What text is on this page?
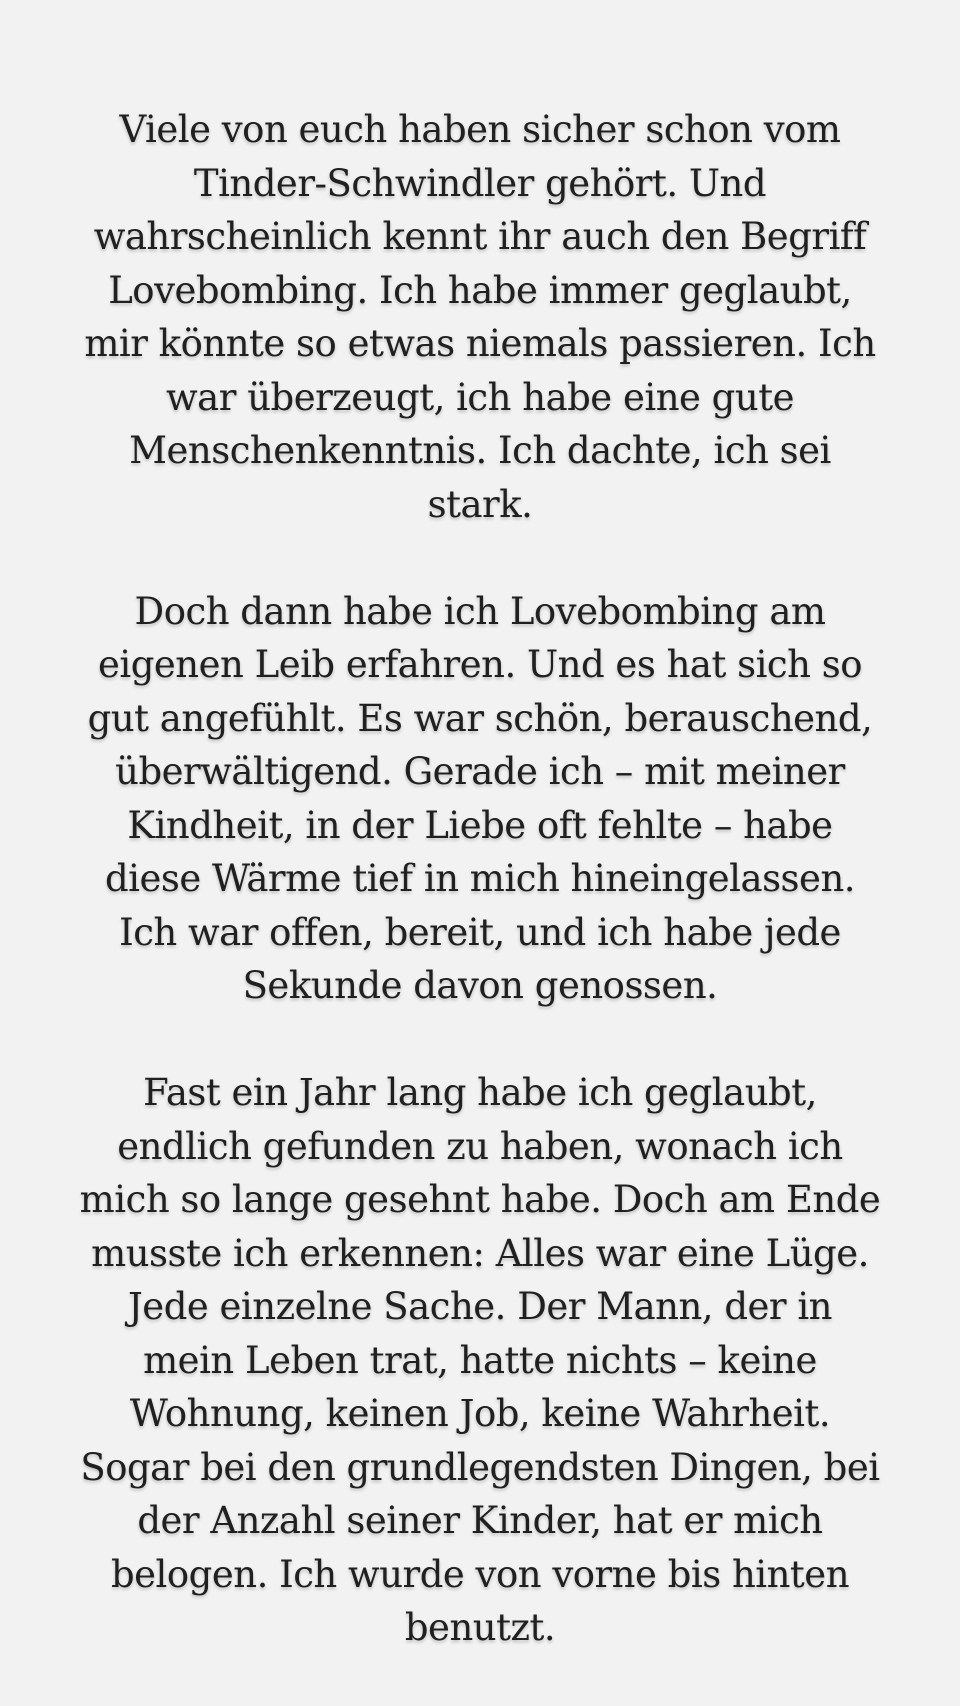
Viele von euch haben sicher schon vom
Tinder-Schwindler gehört. Und
wahrscheinlich kennt ihr auch den Begriff
Lovebombing. Ich habe immer geglaubt,
mir könnte so etwas niemals passieren. Ich
war überzeugt, ich habe eine gute
Menschenkenntnis. Ich dachte, ich sei
stark.

Doch dann habe ich Lovebombing am
eigenen Leib erfahren. Und es hat sich so
gut angefühlt. Es war schön, berauschend,
überwältigend. Gerade ich – mit meiner
Kindheit, in der Liebe oft fehlte – habe
diese Wärme tief in mich hineingelassen.
Ich war offen, bereit, und ich habe jede
Sekunde davon genossen.

Fast ein Jahr lang habe ich geglaubt,
endlich gefunden zu haben, wonach ich
mich so lange gesehnt habe. Doch am Ende
musste ich erkennen: Alles war eine Lüge.
Jede einzelne Sache. Der Mann, der in
mein Leben trat, hatte nichts – keine
Wohnung, keinen Job, keine Wahrheit.
Sogar bei den grundlegendsten Dingen, bei
der Anzahl seiner Kinder, hat er mich
belogen. Ich wurde von vorne bis hinten
benutzt.
